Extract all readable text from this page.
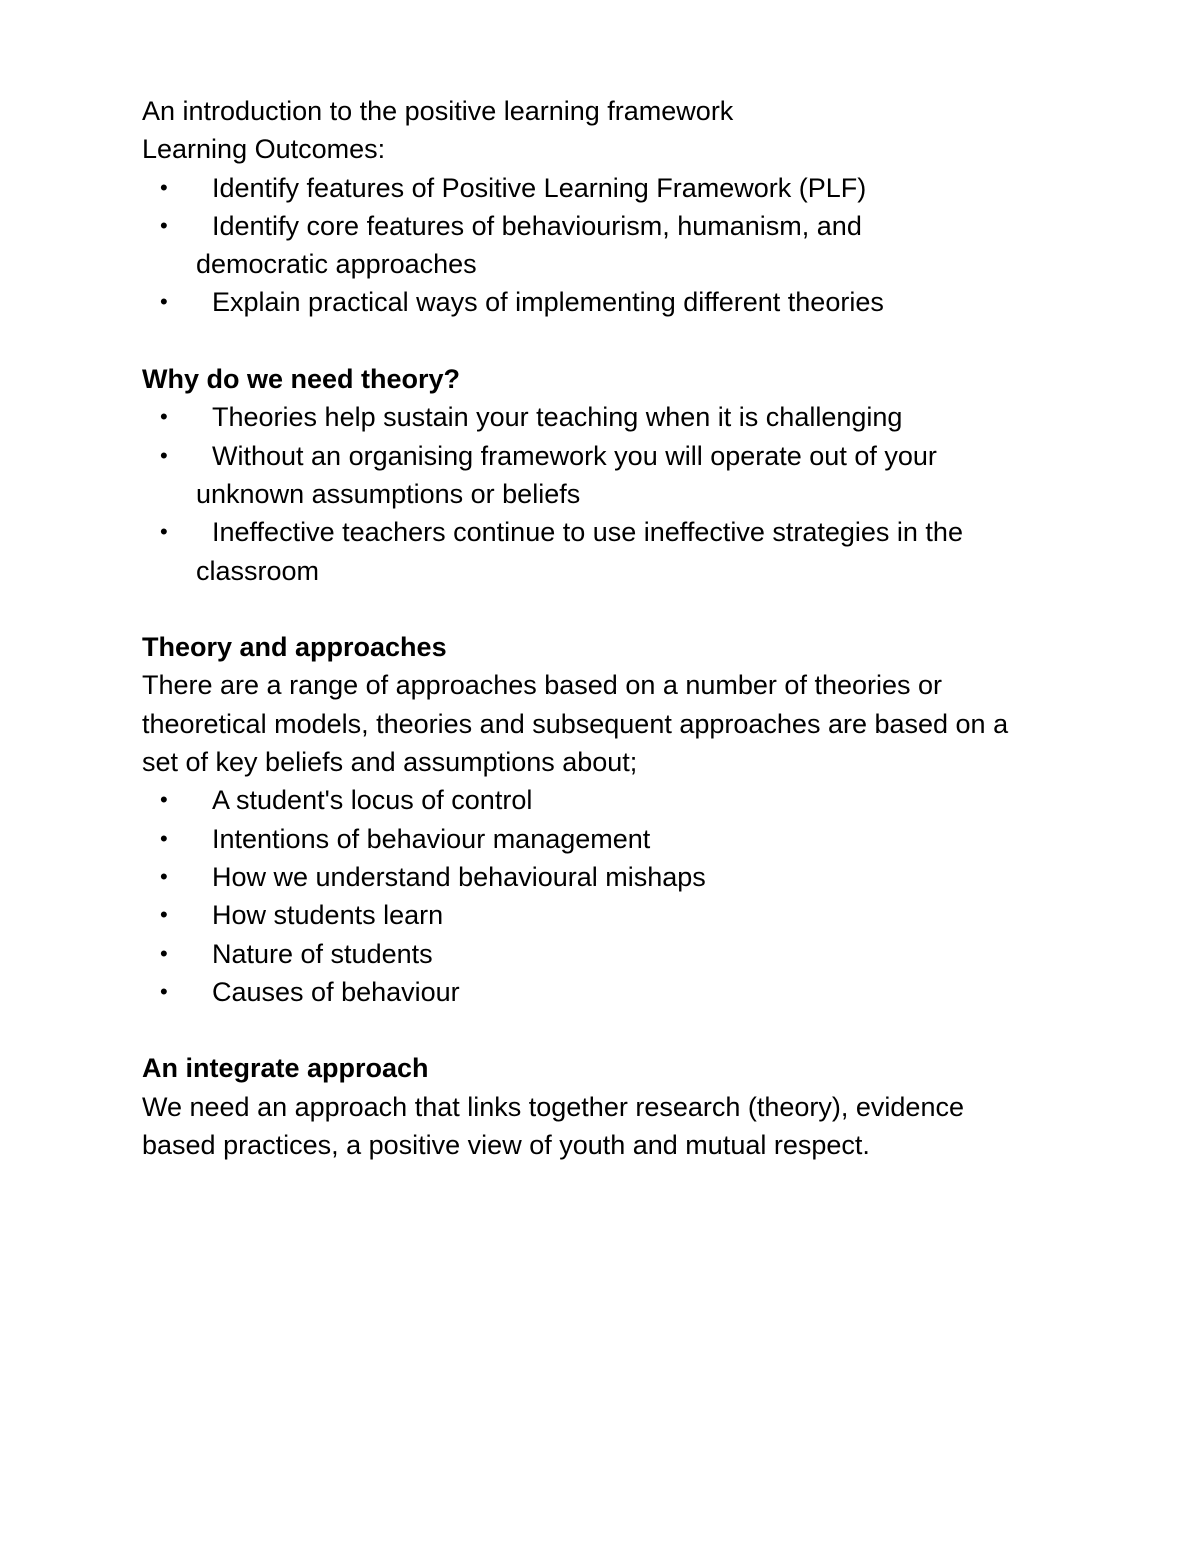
An introduction to the positive learning framework
Learning Outcomes:
• Identify features of Positive Learning Framework (PLF)
• Identify core features of behaviourism, humanism, and
democratic approaches
• Explain practical ways of implementing different theories
Why do we need theory?
• Theories help sustain your teaching when it is challenging
• Without an organising framework you will operate out of your
unknown assumptions or beliefs
• Ineffective teachers continue to use ineffective strategies in the
classroom
Theory and approaches
There are a range of approaches based on a number of theories or
theoretical models, theories and subsequent approaches are based on a
set of key beliefs and assumptions about;
• A student's locus of control
• Intentions of behaviour management
• How we understand behavioural mishaps
• How students learn
• Nature of students
• Causes of behaviour
An integrate approach
We need an approach that links together research (theory), evidence
based practices, a positive view of youth and mutual respect.
